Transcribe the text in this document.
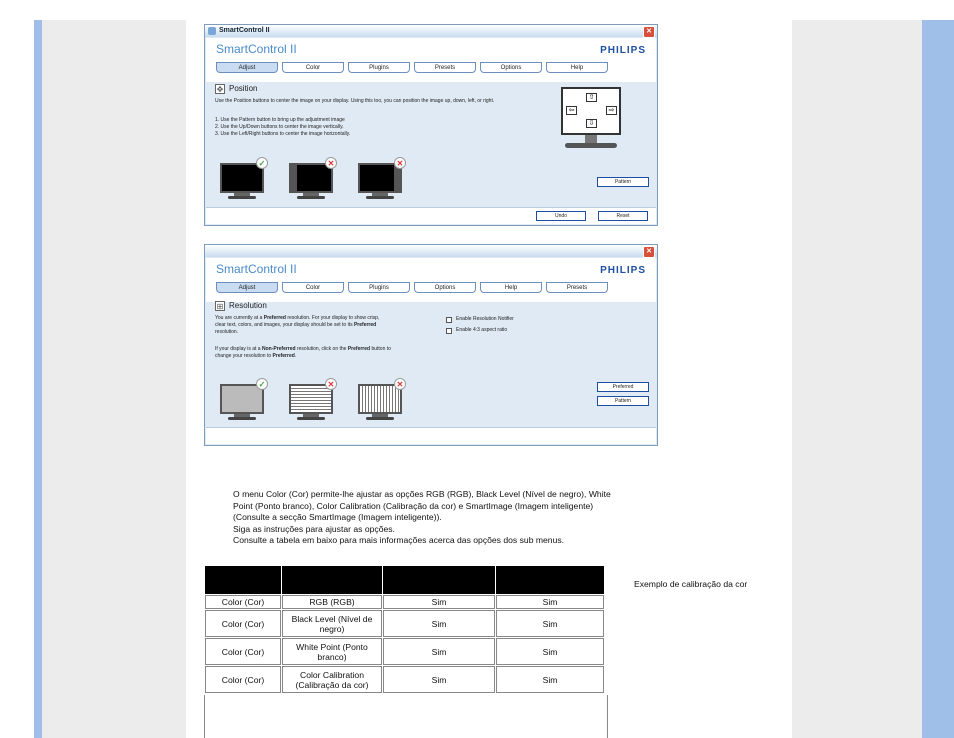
SmartControl II	✕
SmartControl II	PHILIPS
Adjust	Color	Plugins	Presets	Options	Help
✥ Position
Use the Position buttons to center the image on your display. Using this too, you can position the image up, down, left, or right.
1. Use the Pattern button to bring up the adjustment image
2. Use the Up/Down buttons to center the image vertically.
3. Use the Left/Right buttons to center the image horizontally.
⇧
⇩
⇦	⇨
✓	✕	✕
Pattern
Undo	Reset
✕
SmartControl II	PHILIPS
Adjust	Color	Plugins	Options	Help	Presets
⊞ Resolution
You are currently at a Preferred resolution. For your display to show crisp, clear text, colors, and images, your display should be set to its Preferred resolution.
If your display is at a Non-Preferred resolution, click on the Preferred button to change your resolution to Preferred.
Enable Resolution Notifier
Enable 4:3 aspect ratio
✓	✕	✕	Preferred
Pattern

O menu Color (Cor) permite-lhe ajustar as opções RGB (RGB), Black Level (Nível de negro), White Point (Ponto branco), Color Calibration (Calibração da cor) e SmartImage (Imagem inteligente) (Consulte a secção SmartImage (Imagem inteligente)).

Siga as instruções para ajustar as opções.

Consulte a tabela em baixo para mais informações acerca das opções dos sub menus.

Exemplo de calibração da cor

Color (Cor)	RGB (RGB)	Sim	Sim
Color (Cor)	Black Level (Nível de negro)	Sim	Sim
Color (Cor)	White Point (Ponto branco)	Sim	Sim
Color (Cor)	Color Calibration (Calibração da cor)	Sim	Sim
